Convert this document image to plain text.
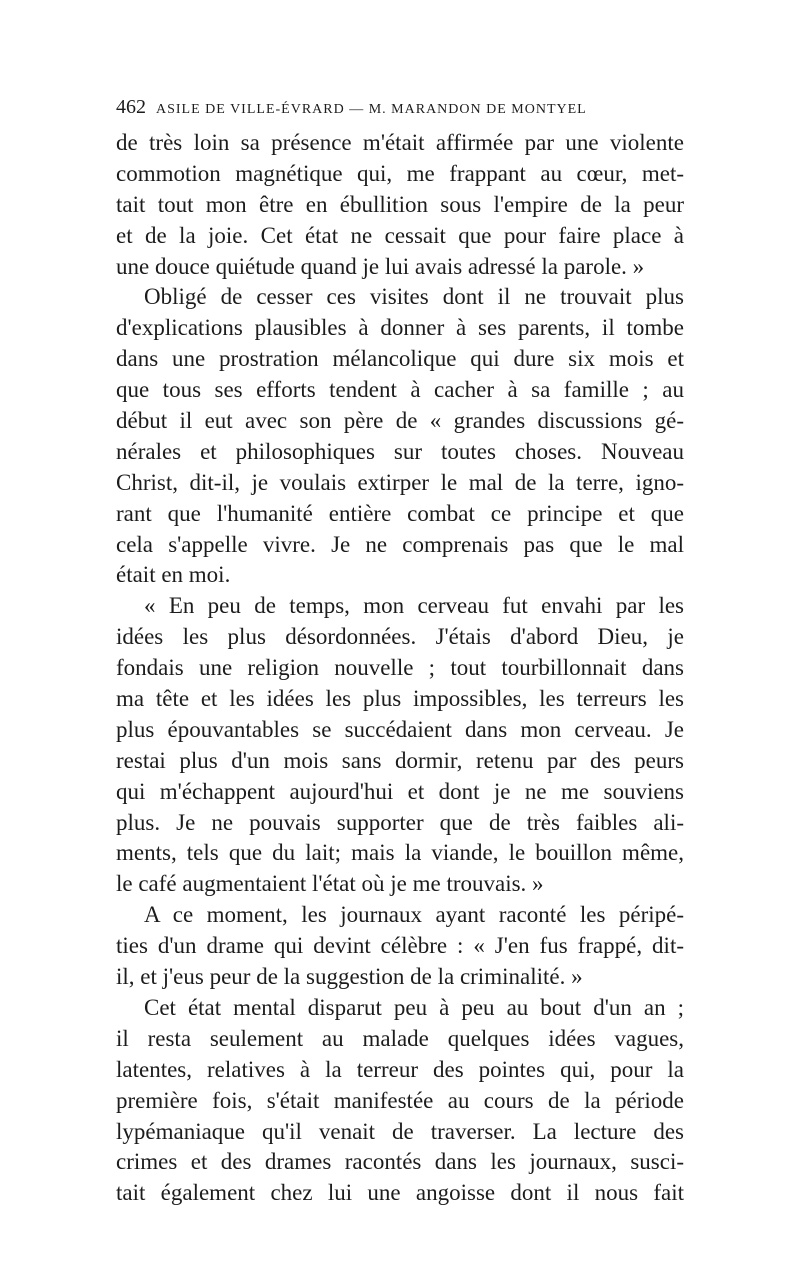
462 ASILE DE VILLE-ÉVRARD — M. MARANDON DE MONTYEL
de très loin sa présence m'était affirmée par une violente
commotion magnétique qui, me frappant au cœur, met-
tait tout mon être en ébullition sous l'empire de la peur
et de la joie. Cet état ne cessait que pour faire place à
une douce quiétude quand je lui avais adressé la parole. »
Obligé de cesser ces visites dont il ne trouvait plus
d'explications plausibles à donner à ses parents, il tombe
dans une prostration mélancolique qui dure six mois et
que tous ses efforts tendent à cacher à sa famille ; au
début il eut avec son père de « grandes discussions gé-
nérales et philosophiques sur toutes choses. Nouveau
Christ, dit-il, je voulais extirper le mal de la terre, igno-
rant que l'humanité entière combat ce principe et que
cela s'appelle vivre. Je ne comprenais pas que le mal
était en moi.
« En peu de temps, mon cerveau fut envahi par les
idées les plus désordonnées. J'étais d'abord Dieu, je
fondais une religion nouvelle ; tout tourbillonnait dans
ma tête et les idées les plus impossibles, les terreurs les
plus épouvantables se succédaient dans mon cerveau. Je
restai plus d'un mois sans dormir, retenu par des peurs
qui m'échappent aujourd'hui et dont je ne me souviens
plus. Je ne pouvais supporter que de très faibles ali-
ments, tels que du lait; mais la viande, le bouillon même,
le café augmentaient l'état où je me trouvais. »
A ce moment, les journaux ayant raconté les péripé-
ties d'un drame qui devint célèbre : « J'en fus frappé, dit-
il, et j'eus peur de la suggestion de la criminalité. »
Cet état mental disparut peu à peu au bout d'un an ;
il resta seulement au malade quelques idées vagues,
latentes, relatives à la terreur des pointes qui, pour la
première fois, s'était manifestée au cours de la période
lypémaniaque qu'il venait de traverser. La lecture des
crimes et des drames racontés dans les journaux, susci-
tait également chez lui une angoisse dont il nous fait
